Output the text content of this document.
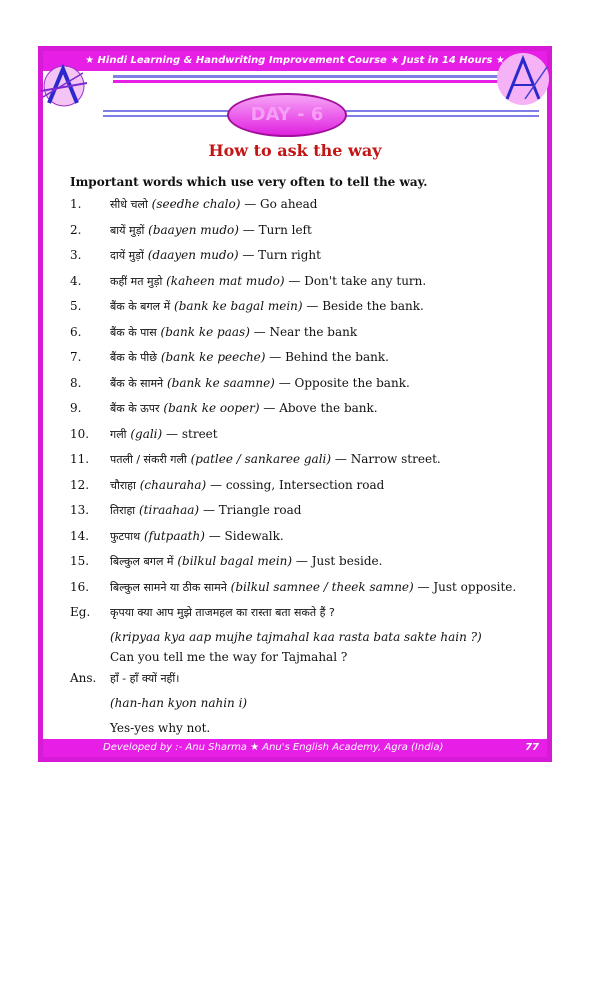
★ Hindi Learning & Handwriting Improvement Course ★ Just in 14 Hours ★
DAY - 6
How to ask the way
Important words which use very often to tell the way.
1.	सीधे चलो (seedhe chalo) — Go ahead
2.	बायें मुड़ों (baayen mudo) — Turn left
3.	दायें मुड़ों (daayen mudo) — Turn right
4.	कहीं मत मुड़ो (kaheen mat mudo) — Don't take any turn.
5.	बैंक के बगल में (bank ke bagal mein) — Beside the bank.
6.	बैंक के पास (bank ke paas) — Near the bank
7.	बैंक के पीछे (bank ke peeche) — Behind the bank.
8.	बैंक के सामने (bank ke saamne) — Opposite the bank.
9.	बैंक के ऊपर (bank ke ooper) — Above the bank.
10.	गली (gali) — street
11.	पतली / संकरी गली (patlee / sankaree gali) — Narrow street.
12.	चौराहा (chauraha) — cossing, Intersection road
13.	तिराहा (tiraahaa) — Triangle road
14.	फुटपाथ (futpaath) — Sidewalk.
15.	बिल्कुल बगल में (bilkul bagal mein) — Just beside.
16.	बिल्कुल सामने या ठीक सामने (bilkul samnee / theek samne) — Just opposite.
Eg.	कृपया क्या आप मुझे ताजमहल का रास्ता बता सकते हैं ?
(kripyaa kya aap mujhe tajmahal kaa rasta bata sakte hain ?)
Can you tell me the way for Tajmahal ?
Ans.	हाँ - हाँ क्यों नहीं।
(han-han kyon nahin i)
Yes-yes why not.
Developed by :- Anu Sharma ★ Anu's English Academy, Agra (India)	77
